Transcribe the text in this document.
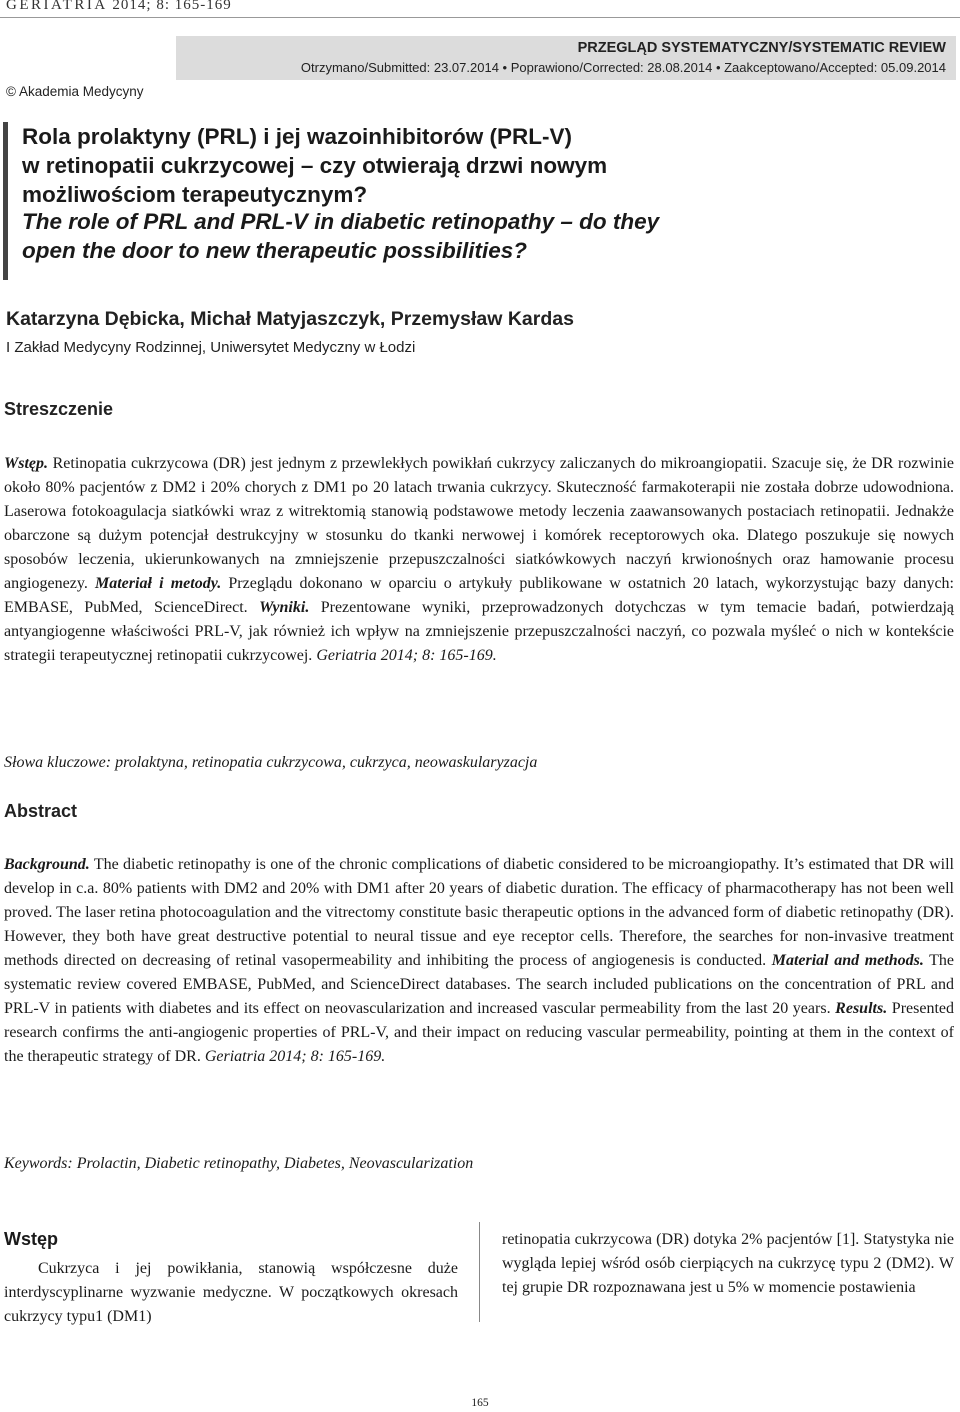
GERIATRIA 2014; 8: 165-169
PRZEGLĄD SYSTEMATYCZNY/SYSTEMATIC REVIEW
Otrzymano/Submitted: 23.07.2014 • Poprawiono/Corrected: 28.08.2014 • Zaakceptowano/Accepted: 05.09.2014
© Akademia Medycyny
Rola prolaktyny (PRL) i jej wazoinhibitorów (PRL-V)
w retinopatii cukrzycowej – czy otwierają drzwi nowym
możliwościom terapeutycznym?
The role of PRL and PRL-V in diabetic retinopathy – do they
open the door to new therapeutic possibilities?
Katarzyna Dębicka, Michał Matyjaszczyk, Przemysław Kardas
I Zakład Medycyny Rodzinnej, Uniwersytet Medyczny w Łodzi
Streszczenie

Wstęp. Retinopatia cukrzycowa (DR) jest jednym z przewlekłych powikłań cukrzycy zaliczanych do mikroangiopatii. Szacuje się, że DR rozwinie około 80% pacjentów z DM2 i 20% chorych z DM1 po 20 latach trwania cukrzycy. Skuteczność farmakoterapii nie została dobrze udowodniona. Laserowa fotokoagulacja siatkówki wraz z witrektomią stanowią podstawowe metody leczenia zaawansowanych postaciach retinopatii. Jednakże obarczone są dużym potencjał destrukcyjny w stosunku do tkanki nerwowej i komórek receptorowych oka. Dlatego poszukuje się nowych sposobów leczenia, ukierunkowanych na zmniejszenie przepuszczalności siatkówkowych naczyń krwionośnych oraz hamowanie procesu angiogenezy. Materiał i metody. Przeglądu dokonano w oparciu o artykuły publikowane w ostatnich 20 latach, wykorzystując bazy danych: EMBASE, PubMed, ScienceDirect. Wyniki. Prezentowane wyniki, przeprowadzonych dotychczas w tym temacie badań, potwierdzają antyangiogenne właściwości PRL-V, jak również ich wpływ na zmniejszenie przepuszczalności naczyń, co pozwala myśleć o nich w kontekście strategii terapeutycznej retinopatii cukrzycowej. Geriatria 2014; 8: 165-169.

Słowa kluczowe: prolaktyna, retinopatia cukrzycowa, cukrzyca, neowaskularyzacja
Abstract

Background. The diabetic retinopathy is one of the chronic complications of diabetic considered to be microangiopathy. It’s estimated that DR will develop in c.a. 80% patients with DM2 and 20% with DM1 after 20 years of diabetic duration. The efficacy of pharmacotherapy has not been well proved. The laser retina photocoagulation and the vitrectomy constitute basic therapeutic options in the advanced form of diabetic retinopathy (DR). However, they both have great destructive potential to neural tissue and eye receptor cells. Therefore, the searches for non-invasive treatment methods directed on decreasing of retinal vasopermeability and inhibiting the process of angiogenesis is conducted. Material and methods. The systematic review covered EMBASE, PubMed, and ScienceDirect databases. The search included publications on the concentration of PRL and PRL-V in patients with diabetes and its effect on neovascularization and increased vascular permeability from the last 20 years. Results. Presented research confirms the anti-angiogenic properties of PRL-V, and their impact on reducing vascular permeability, pointing at them in the context of the therapeutic strategy of DR. Geriatria 2014; 8: 165-169.

Keywords: Prolactin, Diabetic retinopathy, Diabetes, Neovascularization
Wstęp

Cukrzyca i jej powikłania, stanowią współczesne duże interdyscyplinarne wyzwanie medyczne. W początkowych okresach cukrzycy typu1 (DM1)

retinopatia cukrzycowa (DR) dotyka 2% pacjentów [1]. Statystyka nie wygląda lepiej wśród osób cierpiących na cukrzycę typu 2 (DM2). W tej grupie DR rozpoznawana jest u 5% w momencie postawienia

165
